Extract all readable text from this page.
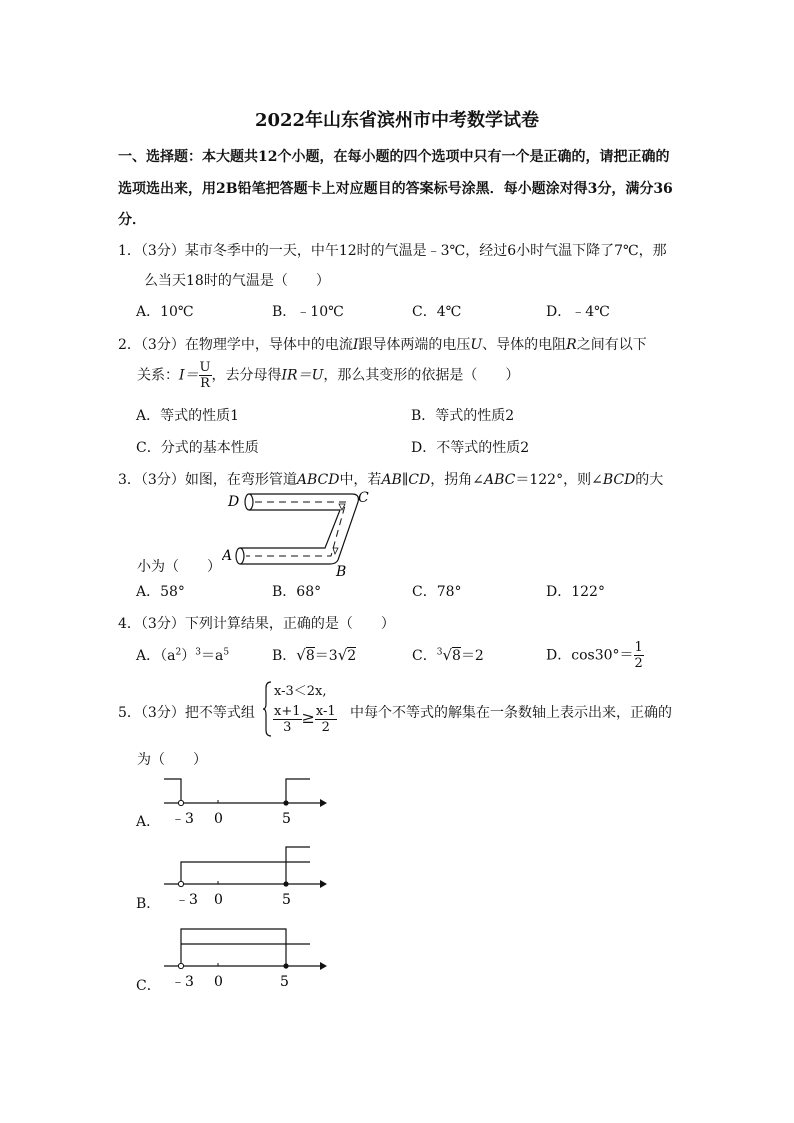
2022年山东省滨州市中考数学试卷
一、选择题：本大题共12个小题，在每小题的四个选项中只有一个是正确的，请把正确的
选项选出来，用2B铅笔把答题卡上对应题目的答案标号涂黑．每小题涂对得3分，满分36
分．
1．（3分）某市冬季中的一天，中午12时的气温是﹣3℃，经过6小时气温下降了7℃，那
么当天18时的气温是（　　）
A．10℃	B．﹣10℃	C．4℃	D．﹣4℃
2．（3分）在物理学中，导体中的电流I跟导体两端的电压U、导体的电阻R之间有以下
关系：$I= \frac{U}{R}$ ，去分母得IR＝U，那么其变形的依据是（　　）
A．等式的性质1	B．等式的性质2
C．分式的基本性质	D．不等式的性质2
3．（3分）如图，在弯形管道ABCD中，若AB∥CD，拐角∠ABC＝122°，则∠BCD的大
D	C
A
B
小为（　　）
A．58°	B．68°	C．78°	D．122°
4．（3分）下列计算结果，正确的是（　　）
A．$(a^2)^3=a^5$	B．√8＝3√2	C．$^3$√8＝2	D．$\cos 30^\circ= \frac{1}{2}$
5．（3分）把不等式组
x-3＜2x,
$\frac{x+1}{3} \ge \frac{x-1}{2}$ 中每个不等式的解集在一条数轴上表示出来，正确的
为（　　）
A． ﹣3 0	5
B． ﹣3 0	5
C． ﹣3 0	5
